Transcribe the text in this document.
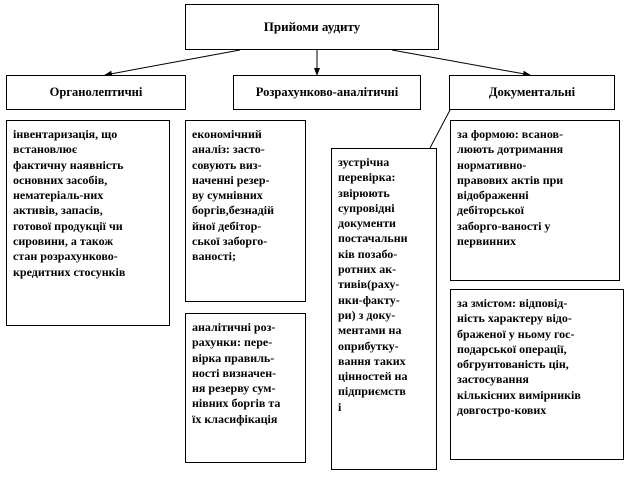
Прийоми аудиту
Органолептичні	Розрахунково-аналітичні	Документальні
інвентаризація, що
встановлює
фактичну наявність
основних засобів,
нематеріаль-них
активів, запасів,
готової продукції чи
сировини, а також
стан розрахунково-
кредитних стосунків
економічний
аналіз: засто-
совують виз-
наченні резер-
ву сумнівних
боргів,безнадій
йної дебітор-
ської заборго-
ваності;
аналітичні роз-
рахунки: пере-
вірка правиль-
ності визначен-
ня резерву сум-
нівних боргів та
їх класифікація
зустрічна
перевірка:
звірюють
супровідні
документи
постачальни
ків позабо-
ротних ак-
тивів(раху-
нки-факту-
ри) з доку-
ментами на
оприбутку-
вання таких
цінностей на
підприємств
і
за формою: всанов-
люють дотримання
нормативно-
правових актів при
відображенні
дебіторської
заборго-ваності у
первинних
за змістом: відповід-
ність характеру відо-
браженої у ньому гос-
подарської операції,
обгрунтованість цін,
застосування
кількісних вимірників
довгостро-кових
